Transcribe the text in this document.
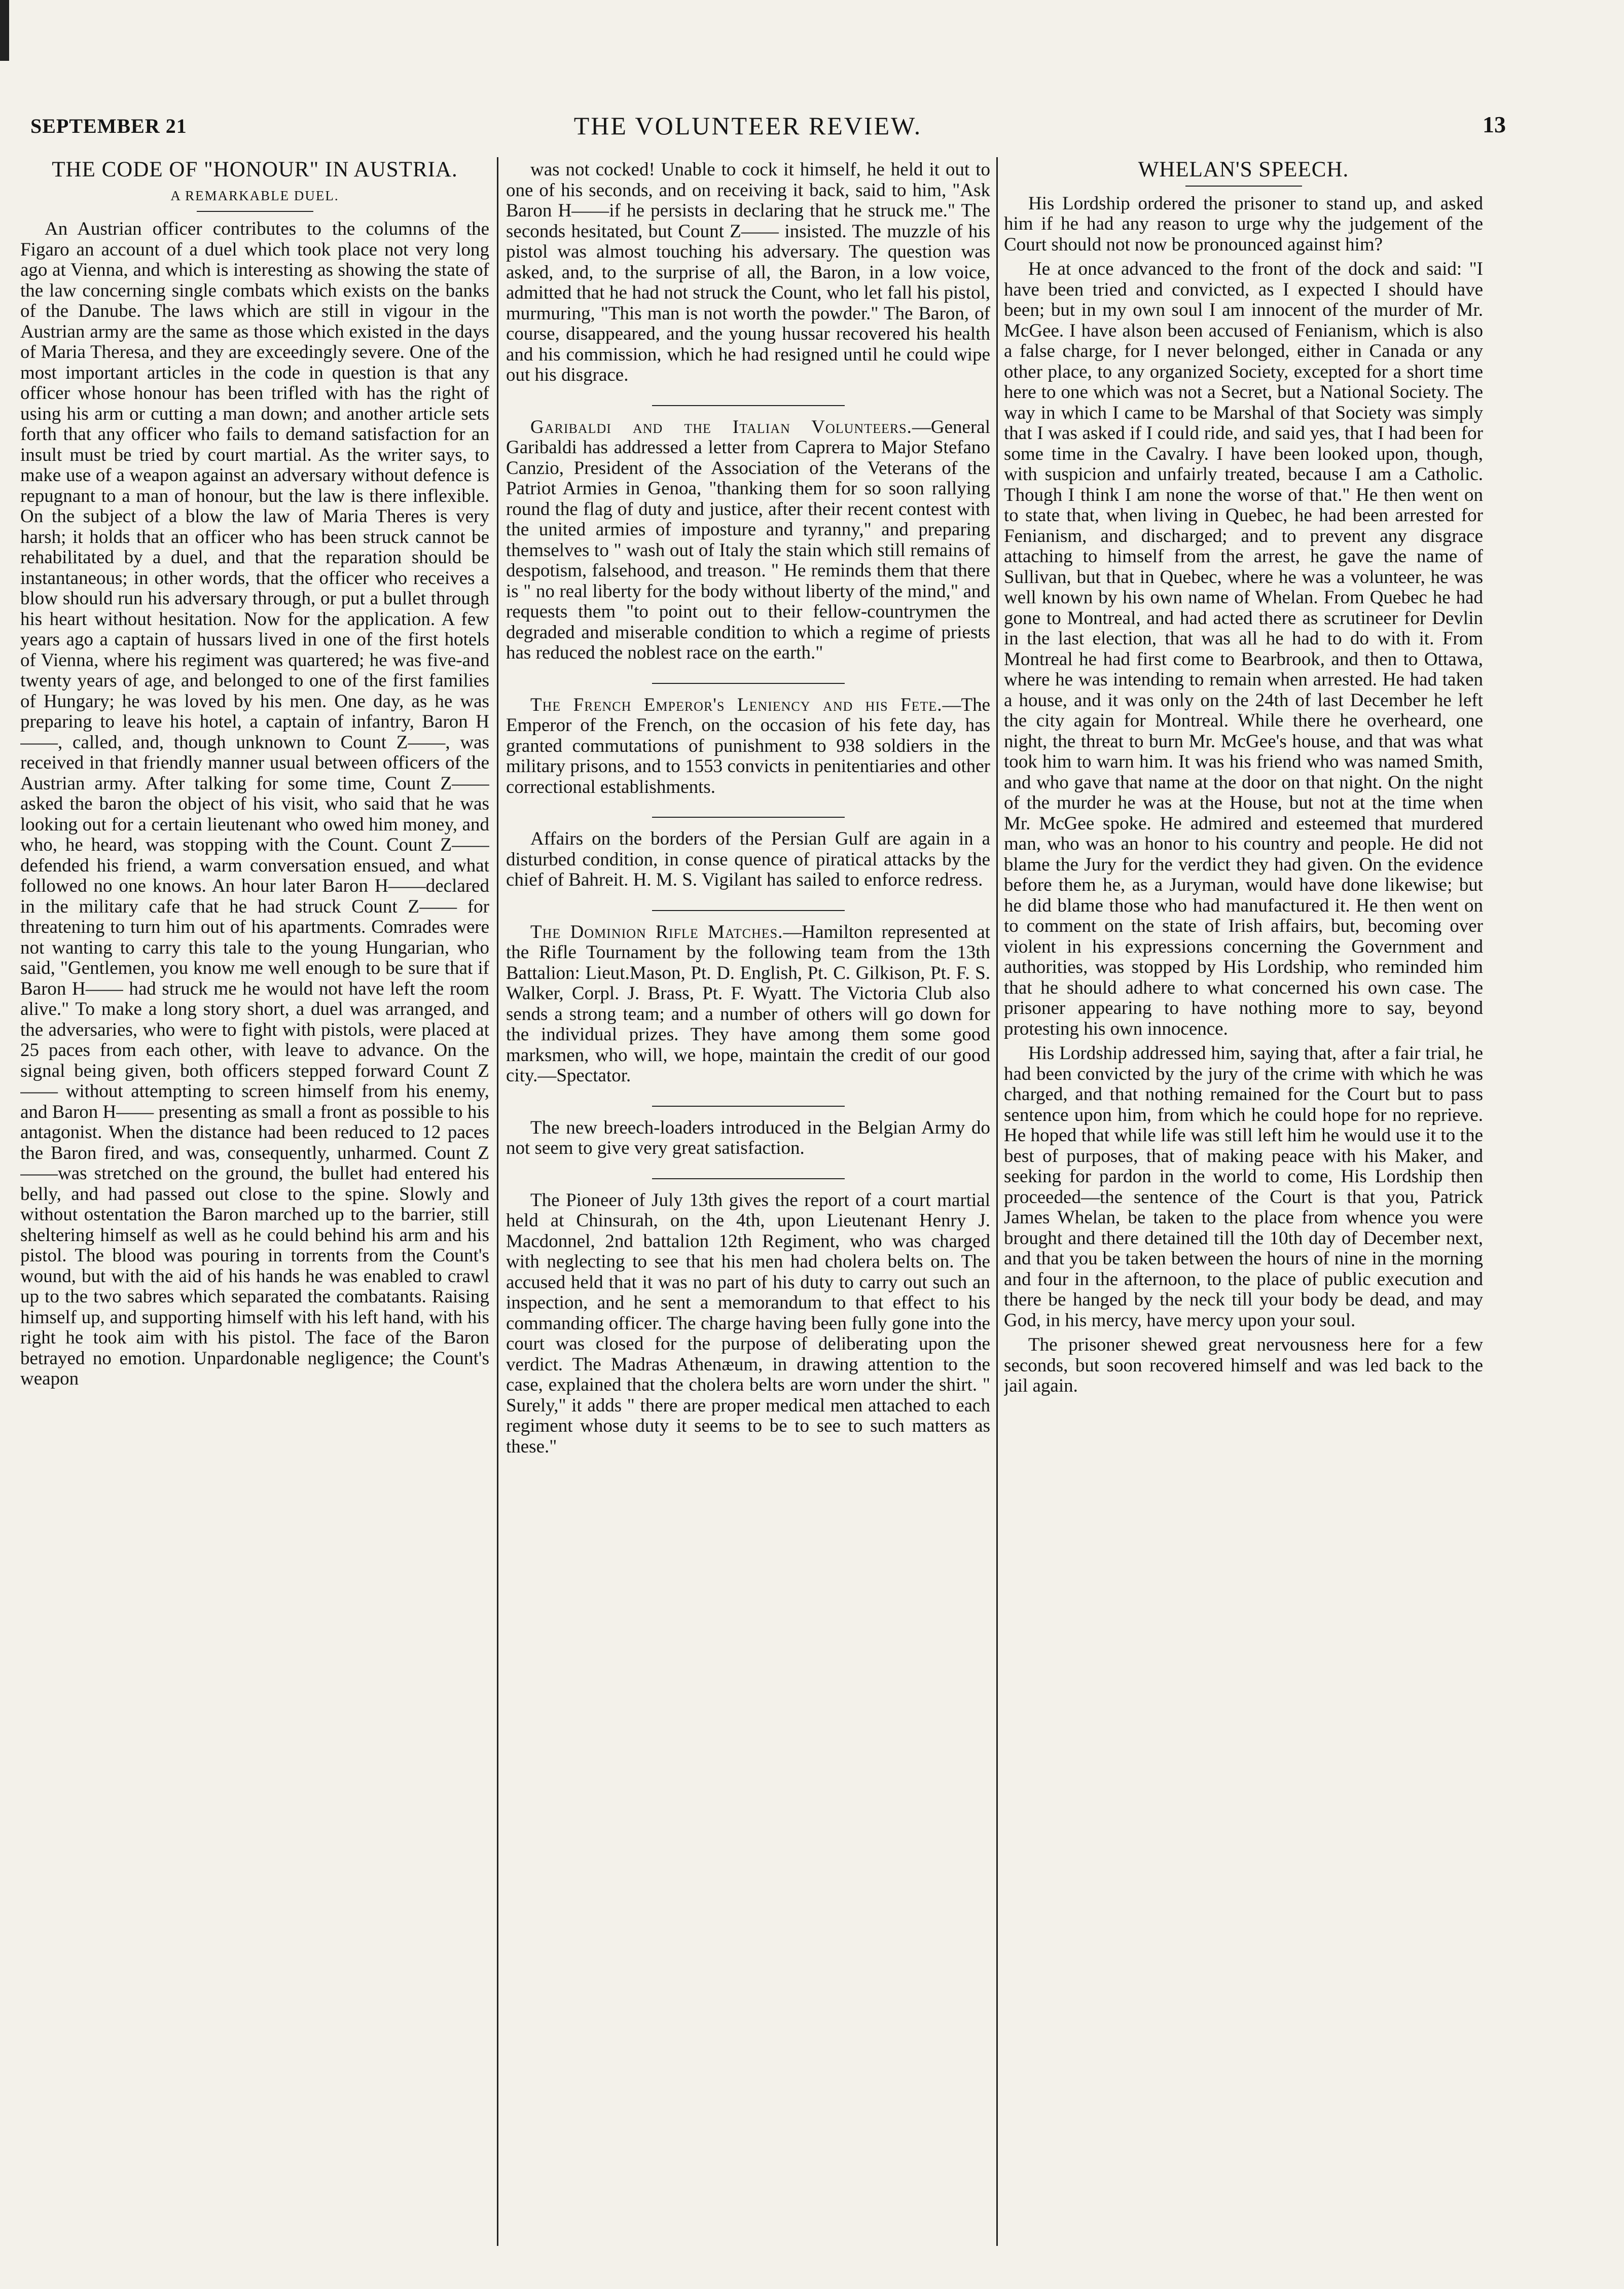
SEPTEMBER 21	THE VOLUNTEER REVIEW.	13
THE CODE OF "HONOUR" IN AUSTRIA.
A REMARKABLE DUEL.

An Austrian officer contributes to the columns of the Figaro an account of a duel which took place not very long ago at Vienna, and which is interesting as showing the state of the law concerning single combats which exists on the banks of the Danube. The laws which are still in vigour in the Austrian army are the same as those which existed in the days of Maria Theresa, and they are exceedingly severe. One of the most important articles in the code in question is that any officer whose honour has been trifled with has the right of using his arm or cutting a man down; and another article sets forth that any officer who fails to demand satisfaction for an insult must be tried by court martial. As the writer says, to make use of a weapon against an adversary without defence is repugnant to a man of honour, but the law is there inflexible. On the subject of a blow the law of Maria Theres is very harsh; it holds that an officer who has been struck cannot be rehabilitated by a duel, and that the reparation should be instantaneous; in other words, that the officer who receives a blow should run his adversary through, or put a bullet through his heart without hesitation. Now for the application. A few years ago a captain of hussars lived in one of the first hotels of Vienna, where his regiment was quartered; he was five-and twenty years of age, and belonged to one of the first families of Hungary; he was loved by his men. One day, as he was preparing to leave his hotel, a captain of infantry, Baron H——, called, and, though unknown to Count Z——, was received in that friendly manner usual between officers of the Austrian army. After talking for some time, Count Z—— asked the baron the object of his visit, who said that he was looking out for a certain lieutenant who owed him money, and who, he heard, was stopping with the Count. Count Z—— defended his friend, a warm conversation ensued, and what followed no one knows. An hour later Baron H——declared in the military cafe that he had struck Count Z—— for threatening to turn him out of his apartments. Comrades were not wanting to carry this tale to the young Hungarian, who said, "Gentlemen, you know me well enough to be sure that if Baron H—— had struck me he would not have left the room alive." To make a long story short, a duel was arranged, and the adversaries, who were to fight with pistols, were placed at 25 paces from each other, with leave to advance. On the signal being given, both officers stepped forward Count Z—— without attempting to screen himself from his enemy, and Baron H—— presenting as small a front as possible to his antagonist. When the distance had been reduced to 12 paces the Baron fired, and was, consequently, unharmed. Count Z——was stretched on the ground, the bullet had entered his belly, and had passed out close to the spine. Slowly and without ostentation the Baron marched up to the barrier, still sheltering himself as well as he could behind his arm and his pistol. The blood was pouring in torrents from the Count's wound, but with the aid of his hands he was enabled to crawl up to the two sabres which separated the combatants. Raising himself up, and supporting himself with his left hand, with his right he took aim with his pistol. The face of the Baron betrayed no emotion. Unpardonable negligence; the Count's weapon

was not cocked! Unable to cock it himself, he held it out to one of his seconds, and on receiving it back, said to him, "Ask Baron H——if he persists in declaring that he struck me." The seconds hesitated, but Count Z—— insisted. The muzzle of his pistol was almost touching his adversary. The question was asked, and, to the surprise of all, the Baron, in a low voice, admitted that he had not struck the Count, who let fall his pistol, murmuring, "This man is not worth the powder." The Baron, of course, disappeared, and the young hussar recovered his health and his commission, which he had resigned until he could wipe out his disgrace.

Garibaldi and the Italian Volunteers.—General Garibaldi has addressed a letter from Caprera to Major Stefano Canzio, President of the Association of the Veterans of the Patriot Armies in Genoa, "thanking them for so soon rallying round the flag of duty and justice, after their recent contest with the united armies of imposture and tyranny," and preparing themselves to " wash out of Italy the stain which still remains of despotism, falsehood, and treason. " He reminds them that there is " no real liberty for the body without liberty of the mind," and requests them "to point out to their fellow-countrymen the degraded and miserable condition to which a regime of priests has reduced the noblest race on the earth."

The French Emperor's Leniency and his Fete.—The Emperor of the French, on the occasion of his fete day, has granted commutations of punishment to 938 soldiers in the military prisons, and to 1553 convicts in penitentiaries and other correctional establishments.

Affairs on the borders of the Persian Gulf are again in a disturbed condition, in conse quence of piratical attacks by the chief of Bahreit. H. M. S. Vigilant has sailed to enforce redress.

The Dominion Rifle Matches.—Hamilton represented at the Rifle Tournament by the following team from the 13th Battalion: Lieut.Mason, Pt. D. English, Pt. C. Gilkison, Pt. F. S. Walker, Corpl. J. Brass, Pt. F. Wyatt. The Victoria Club also sends a strong team; and a number of others will go down for the individual prizes. They have among them some good marksmen, who will, we hope, maintain the credit of our good city.—Spectator.

The new breech-loaders introduced in the Belgian Army do not seem to give very great satisfaction.

The Pioneer of July 13th gives the report of a court martial held at Chinsurah, on the 4th, upon Lieutenant Henry J. Macdonnel, 2nd battalion 12th Regiment, who was charged with neglecting to see that his men had cholera belts on. The accused held that it was no part of his duty to carry out such an inspection, and he sent a memorandum to that effect to his commanding officer. The charge having been fully gone into the court was closed for the purpose of deliberating upon the verdict. The Madras Athenæum, in drawing attention to the case, explained that the cholera belts are worn under the shirt. " Surely," it adds " there are proper medical men attached to each regiment whose duty it seems to be to see to such matters as these."

WHELAN'S SPEECH.

His Lordship ordered the prisoner to stand up, and asked him if he had any reason to urge why the judgement of the Court should not now be pronounced against him?

He at once advanced to the front of the dock and said: "I have been tried and convicted, as I expected I should have been; but in my own soul I am innocent of the murder of Mr. McGee. I have alson been accused of Fenianism, which is also a false charge, for I never belonged, either in Canada or any other place, to any organized Society, excepted for a short time here to one which was not a Secret, but a National Society. The way in which I came to be Marshal of that Society was simply that I was asked if I could ride, and said yes, that I had been for some time in the Cavalry. I have been looked upon, though, with suspicion and unfairly treated, because I am a Catholic. Though I think I am none the worse of that." He then went on to state that, when living in Quebec, he had been arrested for Fenianism, and discharged; and to prevent any disgrace attaching to himself from the arrest, he gave the name of Sullivan, but that in Quebec, where he was a volunteer, he was well known by his own name of Whelan. From Quebec he had gone to Montreal, and had acted there as scrutineer for Devlin in the last election, that was all he had to do with it. From Montreal he had first come to Bearbrook, and then to Ottawa, where he was intending to remain when arrested. He had taken a house, and it was only on the 24th of last December he left the city again for Montreal. While there he overheard, one night, the threat to burn Mr. McGee's house, and that was what took him to warn him. It was his friend who was named Smith, and who gave that name at the door on that night. On the night of the murder he was at the House, but not at the time when Mr. McGee spoke. He admired and esteemed that murdered man, who was an honor to his country and people. He did not blame the Jury for the verdict they had given. On the evidence before them he, as a Juryman, would have done likewise; but he did blame those who had manufactured it. He then went on to comment on the state of Irish affairs, but, becoming over violent in his expressions concerning the Government and authorities, was stopped by His Lordship, who reminded him that he should adhere to what concerned his own case. The prisoner appearing to have nothing more to say, beyond protesting his own innocence.

His Lordship addressed him, saying that, after a fair trial, he had been convicted by the jury of the crime with which he was charged, and that nothing remained for the Court but to pass sentence upon him, from which he could hope for no reprieve. He hoped that while life was still left him he would use it to the best of purposes, that of making peace with his Maker, and seeking for pardon in the world to come, His Lordship then proceeded—the sentence of the Court is that you, Patrick James Whelan, be taken to the place from whence you were brought and there detained till the 10th day of December next, and that you be taken between the hours of nine in the morning and four in the afternoon, to the place of public execution and there be hanged by the neck till your body be dead, and may God, in his mercy, have mercy upon your soul.

The prisoner shewed great nervousness here for a few seconds, but soon recovered himself and was led back to the jail again.
